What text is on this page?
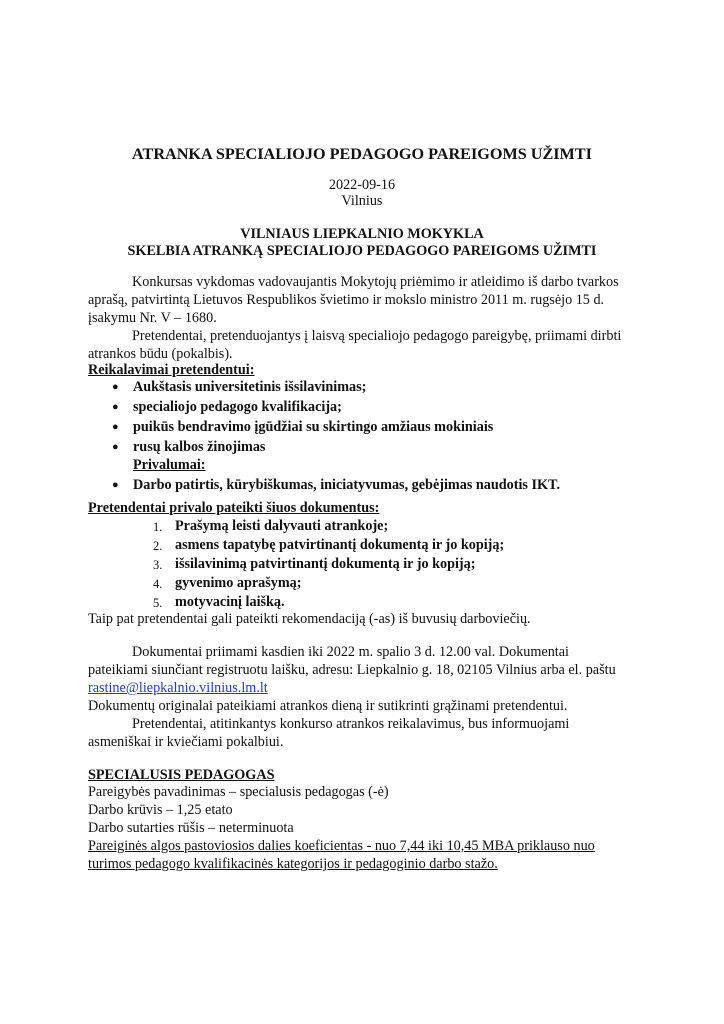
ATRANKA SPECIALIOJO PEDAGOGO PAREIGOMS UŽIMTI
2022-09-16
Vilnius
VILNIAUS LIEPKALNIO MOKYKLA
SKELBIA ATRANKĄ SPECIALIOJO PEDAGOGO PAREIGOMS UŽIMTI
Konkursas vykdomas vadovaujantis Mokytojų priėmimo ir atleidimo iš darbo tvarkos
aprašą, patvirtintą Lietuvos Respublikos švietimo ir mokslo ministro 2011 m. rugsėjo 15 d.
įsakymu Nr. V – 1680.
Pretendentai, pretenduojantys į laisvą specialiojo pedagogo pareigybę, priimami dirbti
atrankos būdu (pokalbis).
Reikalavimai pretendentui:
● Aukštasis universitetinis išsilavinimas;
● specialiojo pedagogo kvalifikacija;
● puikūs bendravimo įgūdžiai su skirtingo amžiaus mokiniais
● rusų kalbos žinojimas
Privalumai:
● Darbo patirtis, kūrybiškumas, iniciatyvumas, gebėjimas naudotis IKT.
Pretendentai privalo pateikti šiuos dokumentus:
1. Prašymą leisti dalyvauti atrankoje;
2. asmens tapatybę patvirtinantį dokumentą ir jo kopiją;
3. išsilavinimą patvirtinantį dokumentą ir jo kopiją;
4. gyvenimo aprašymą;
5. motyvacinį laišką.
Taip pat pretendentai gali pateikti rekomendaciją (-as) iš buvusių darboviečių.
Dokumentai priimami kasdien iki 2022 m. spalio 3 d. 12.00 val. Dokumentai
pateikiami siunčiant registruotu laišku, adresu: Liepkalnio g. 18, 02105 Vilnius arba el. paštu
rastine@liepkalnio.vilnius.lm.lt
Dokumentų originalai pateikiami atrankos dieną ir sutikrinti grąžinami pretendentui.
Pretendentai, atitinkantys konkurso atrankos reikalavimus, bus informuojami
asmeniškai ir kviečiami pokalbiui.
SPECIALUSIS PEDAGOGAS
Pareigybės pavadinimas – specialusis pedagogas (-ė)
Darbo krūvis – 1,25 etato
Darbo sutarties rūšis – neterminuota
Pareiginės algos pastoviosios dalies koeficientas - nuo 7,44 iki 10,45 MBA priklauso nuo
turimos pedagogo kvalifikacinės kategorijos ir pedagoginio darbo stažo.
